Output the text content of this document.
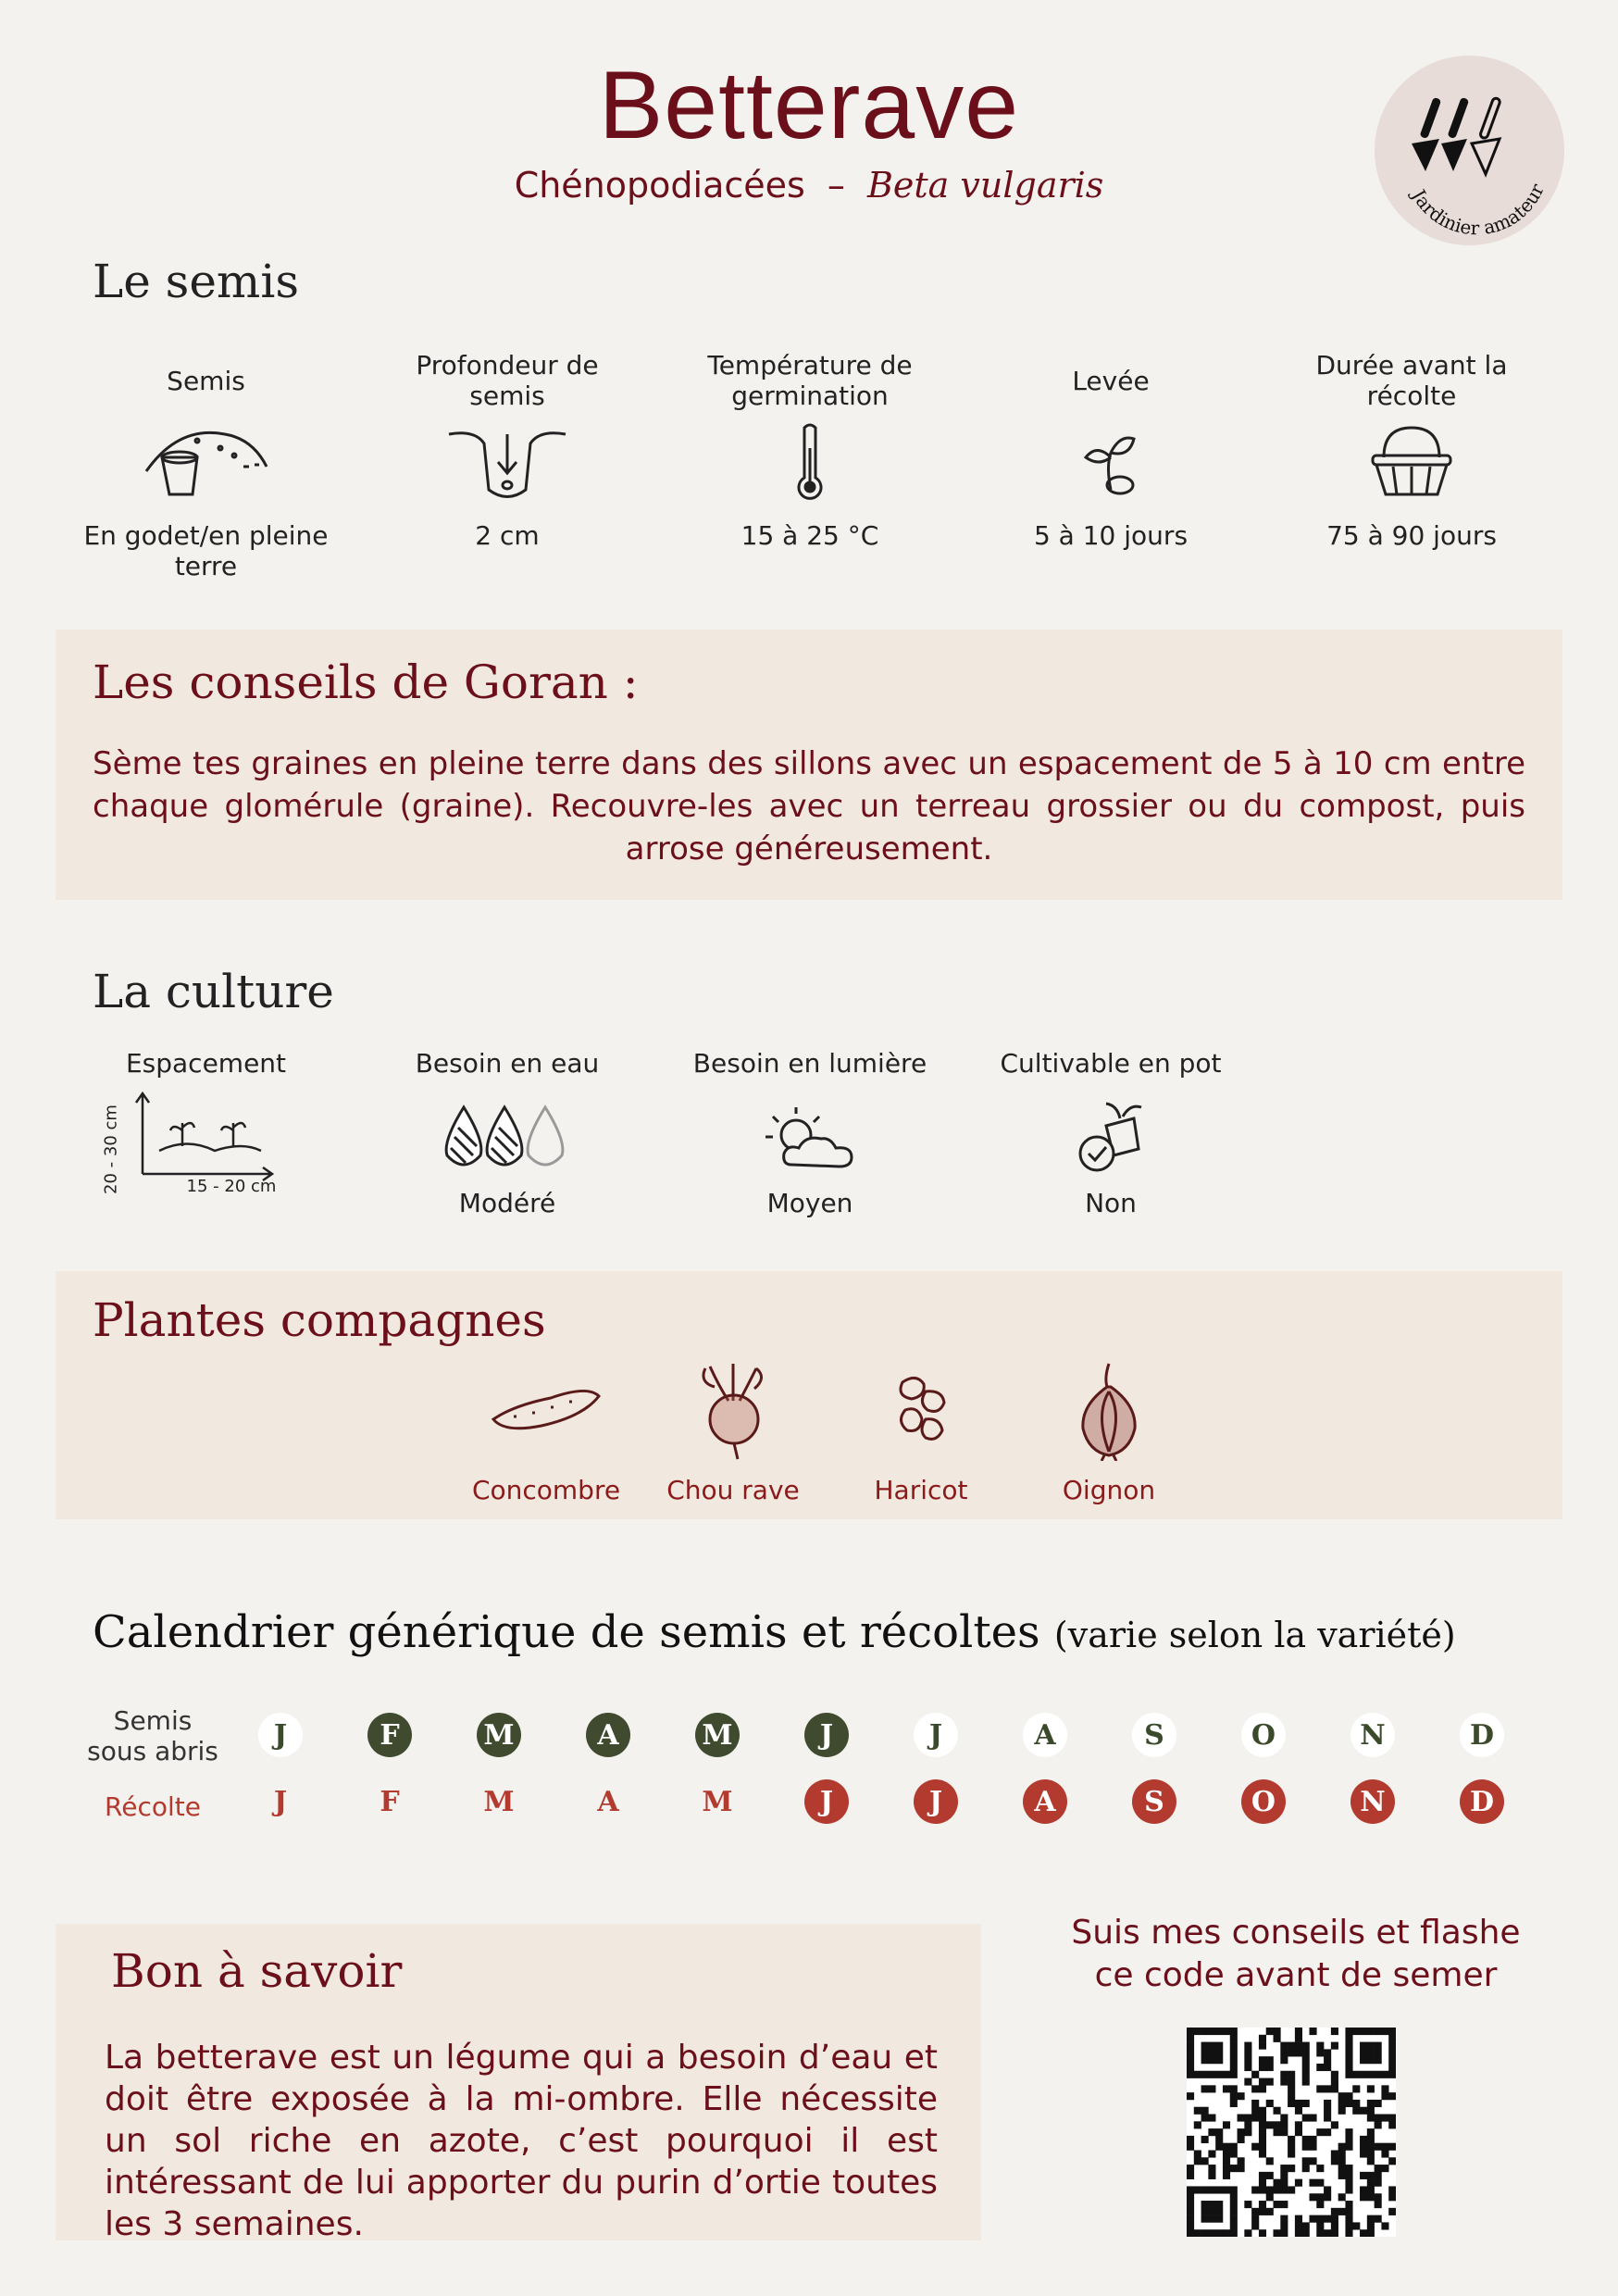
Betterave
Chénopodiacées – Beta vulgaris	Jardinier amateur
Le semis
Semis
En godet/en pleine terre
Profondeur de semis
2 cm
Température de germination
15 à 25 °C
Levée
5 à 10 jours
Durée avant la récolte
75 à 90 jours
Les conseils de Goran :
Sème tes graines en pleine terre dans des sillons avec un espacement de 5 à 10 cm entre chaque glomérule (graine). Recouvre-les avec un terreau grossier ou du compost, puis arrose généreusement.
La culture
Espacement
20 - 30 cm	15 - 20 cm
Besoin en eau
Modéré
Besoin en lumière
Moyen
Cultivable en pot
Non
Plantes compagnes
Concombre	Chou rave	Haricot	Oignon
Calendrier générique de semis et récoltes (varie selon la variété)
Semis sous abris
Récolte
J	F	M	A	M	J	J	A	S	O	N	D
J	F	M	A	M	J	J	A	S	O	N	D
Bon à savoir
La betterave est un légume qui a besoin d’eau et doit être exposée à la mi-ombre. Elle nécessite un sol riche en azote, c’est pourquoi il est intéressant de lui apporter du purin d’ortie toutes les 3 semaines.
Suis mes conseils et flashe ce code avant de semer
